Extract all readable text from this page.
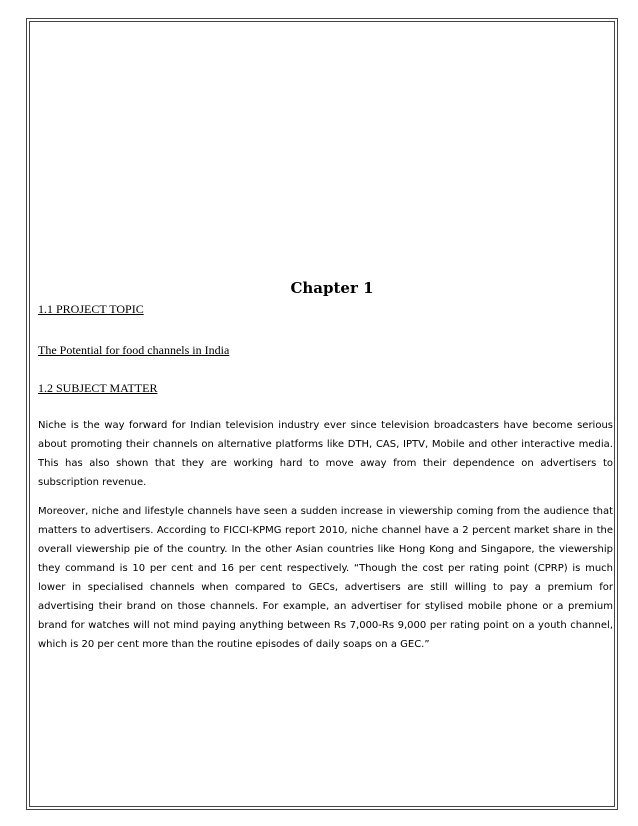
Chapter 1
1.1 PROJECT TOPIC
The Potential for food channels in India
1.2 SUBJECT MATTER

Niche is the way forward for Indian television industry ever since television broadcasters have become serious about promoting their channels on alternative platforms like DTH, CAS, IPTV, Mobile and other interactive media. This has also shown that they are working hard to move away from their dependence on advertisers to subscription revenue.

Moreover, niche and lifestyle channels have seen a sudden increase in viewership coming from the audience that matters to advertisers. According to FICCI-KPMG report 2010, niche channel have a 2 percent market share in the overall viewership pie of the country. In the other Asian countries like Hong Kong and Singapore, the viewership they command is 10 per cent and 16 per cent respectively. “Though the cost per rating point (CPRP) is much lower in specialised channels when compared to GECs, advertisers are still willing to pay a premium for advertising their brand on those channels. For example, an advertiser for stylised mobile phone or a premium brand for watches will not mind paying anything between Rs 7,000-Rs 9,000 per rating point on a youth channel, which is 20 per cent more than the routine episodes of daily soaps on a GEC.”
